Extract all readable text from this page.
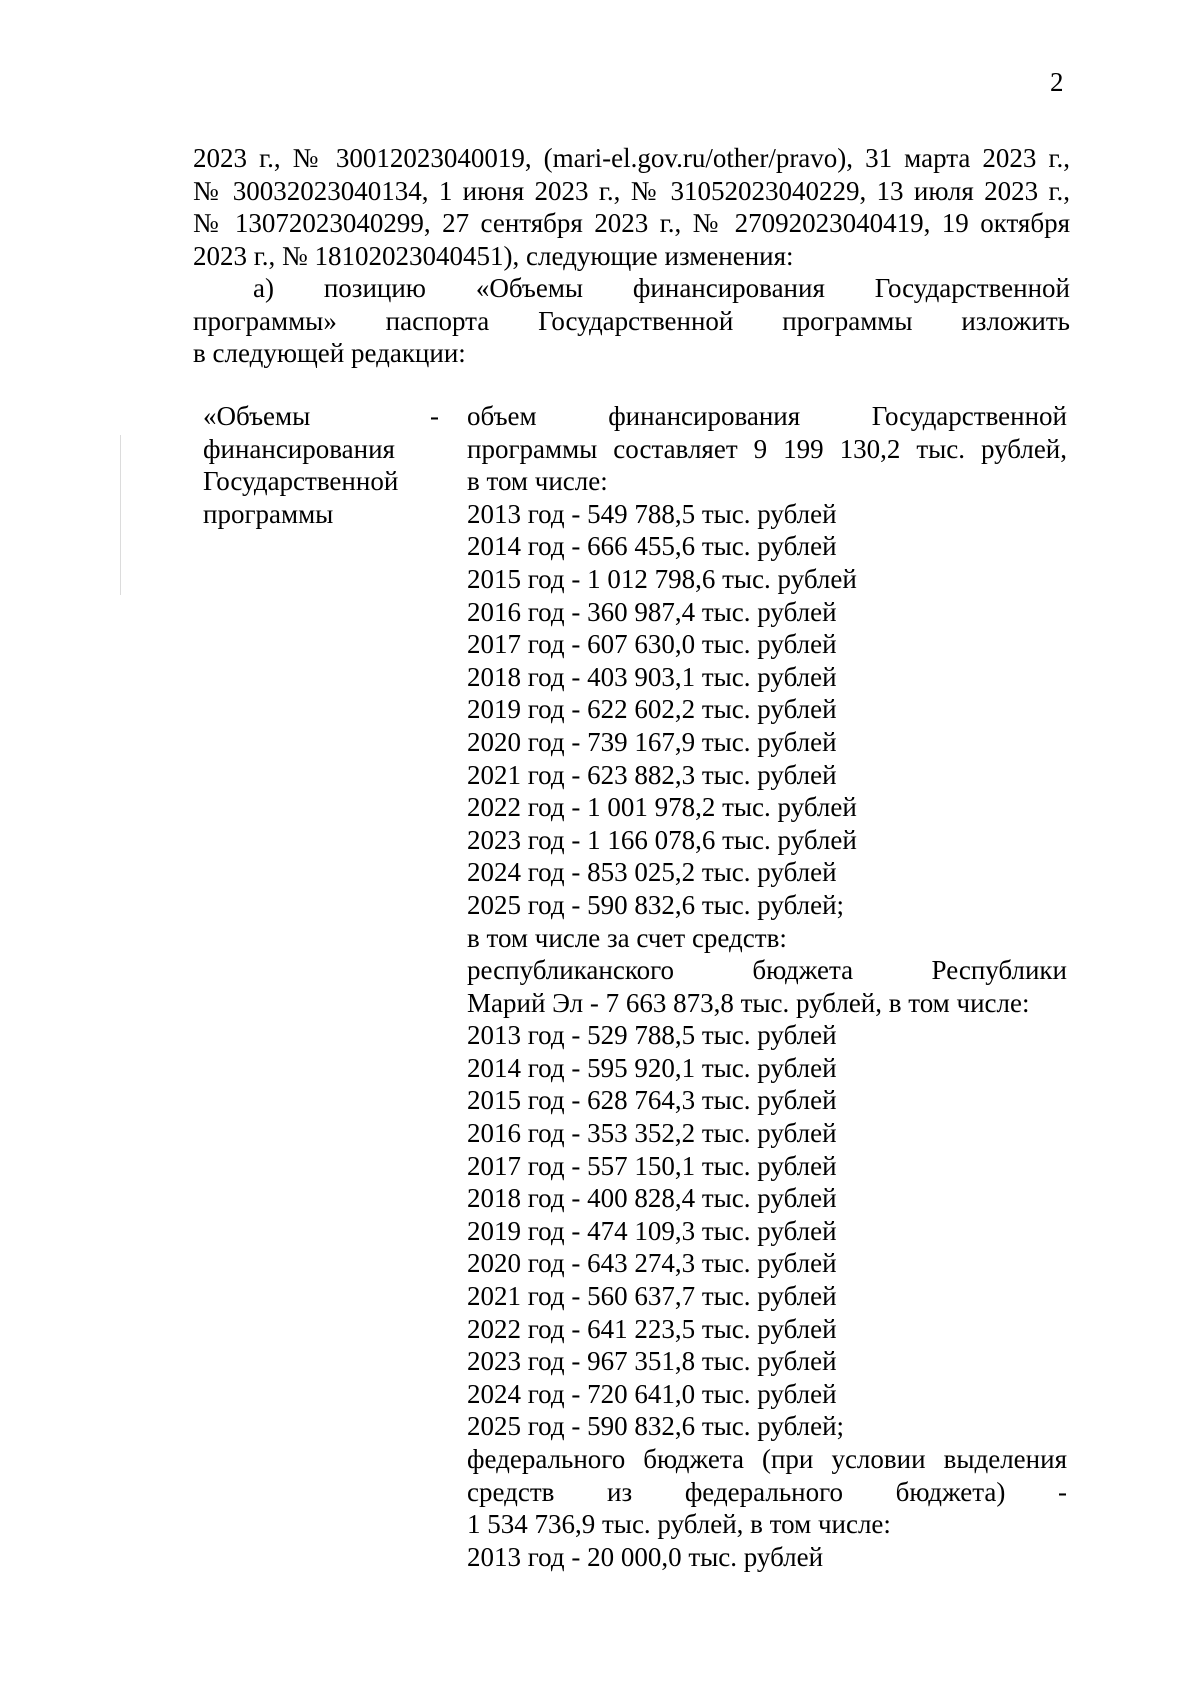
2
2023 г., № 30012023040019, (mari-el.gov.ru/other/pravo), 31 марта 2023 г.,
№ 30032023040134, 1 июня 2023 г., № 31052023040229, 13 июля 2023 г.,
№ 13072023040299, 27 сентября 2023 г., № 27092023040419, 19 октября
2023 г., № 18102023040451), следующие изменения:
а) позицию «Объемы финансирования Государственной
программы» паспорта Государственной программы изложить
в следующей редакции:
«Объемы
финансирования
Государственной
программы
- объем финансирования Государственной
программы составляет 9 199 130,2 тыс. рублей,
в том числе:
2013 год - 549 788,5 тыс. рублей
2014 год - 666 455,6 тыс. рублей
2015 год - 1 012 798,6 тыс. рублей
2016 год - 360 987,4 тыс. рублей
2017 год - 607 630,0 тыс. рублей
2018 год - 403 903,1 тыс. рублей
2019 год - 622 602,2 тыс. рублей
2020 год - 739 167,9 тыс. рублей
2021 год - 623 882,3 тыс. рублей
2022 год - 1 001 978,2 тыс. рублей
2023 год - 1 166 078,6 тыс. рублей
2024 год - 853 025,2 тыс. рублей
2025 год - 590 832,6 тыс. рублей;
в том числе за счет средств:
республиканского бюджета Республики
Марий Эл - 7 663 873,8 тыс. рублей, в том числе:
2013 год - 529 788,5 тыс. рублей
2014 год - 595 920,1 тыс. рублей
2015 год - 628 764,3 тыс. рублей
2016 год - 353 352,2 тыс. рублей
2017 год - 557 150,1 тыс. рублей
2018 год - 400 828,4 тыс. рублей
2019 год - 474 109,3 тыс. рублей
2020 год - 643 274,3 тыс. рублей
2021 год - 560 637,7 тыс. рублей
2022 год - 641 223,5 тыс. рублей
2023 год - 967 351,8 тыс. рублей
2024 год - 720 641,0 тыс. рублей
2025 год - 590 832,6 тыс. рублей;
федерального бюджета (при условии выделения
средств из федерального бюджета) -
1 534 736,9 тыс. рублей, в том числе:
2013 год - 20 000,0 тыс. рублей
